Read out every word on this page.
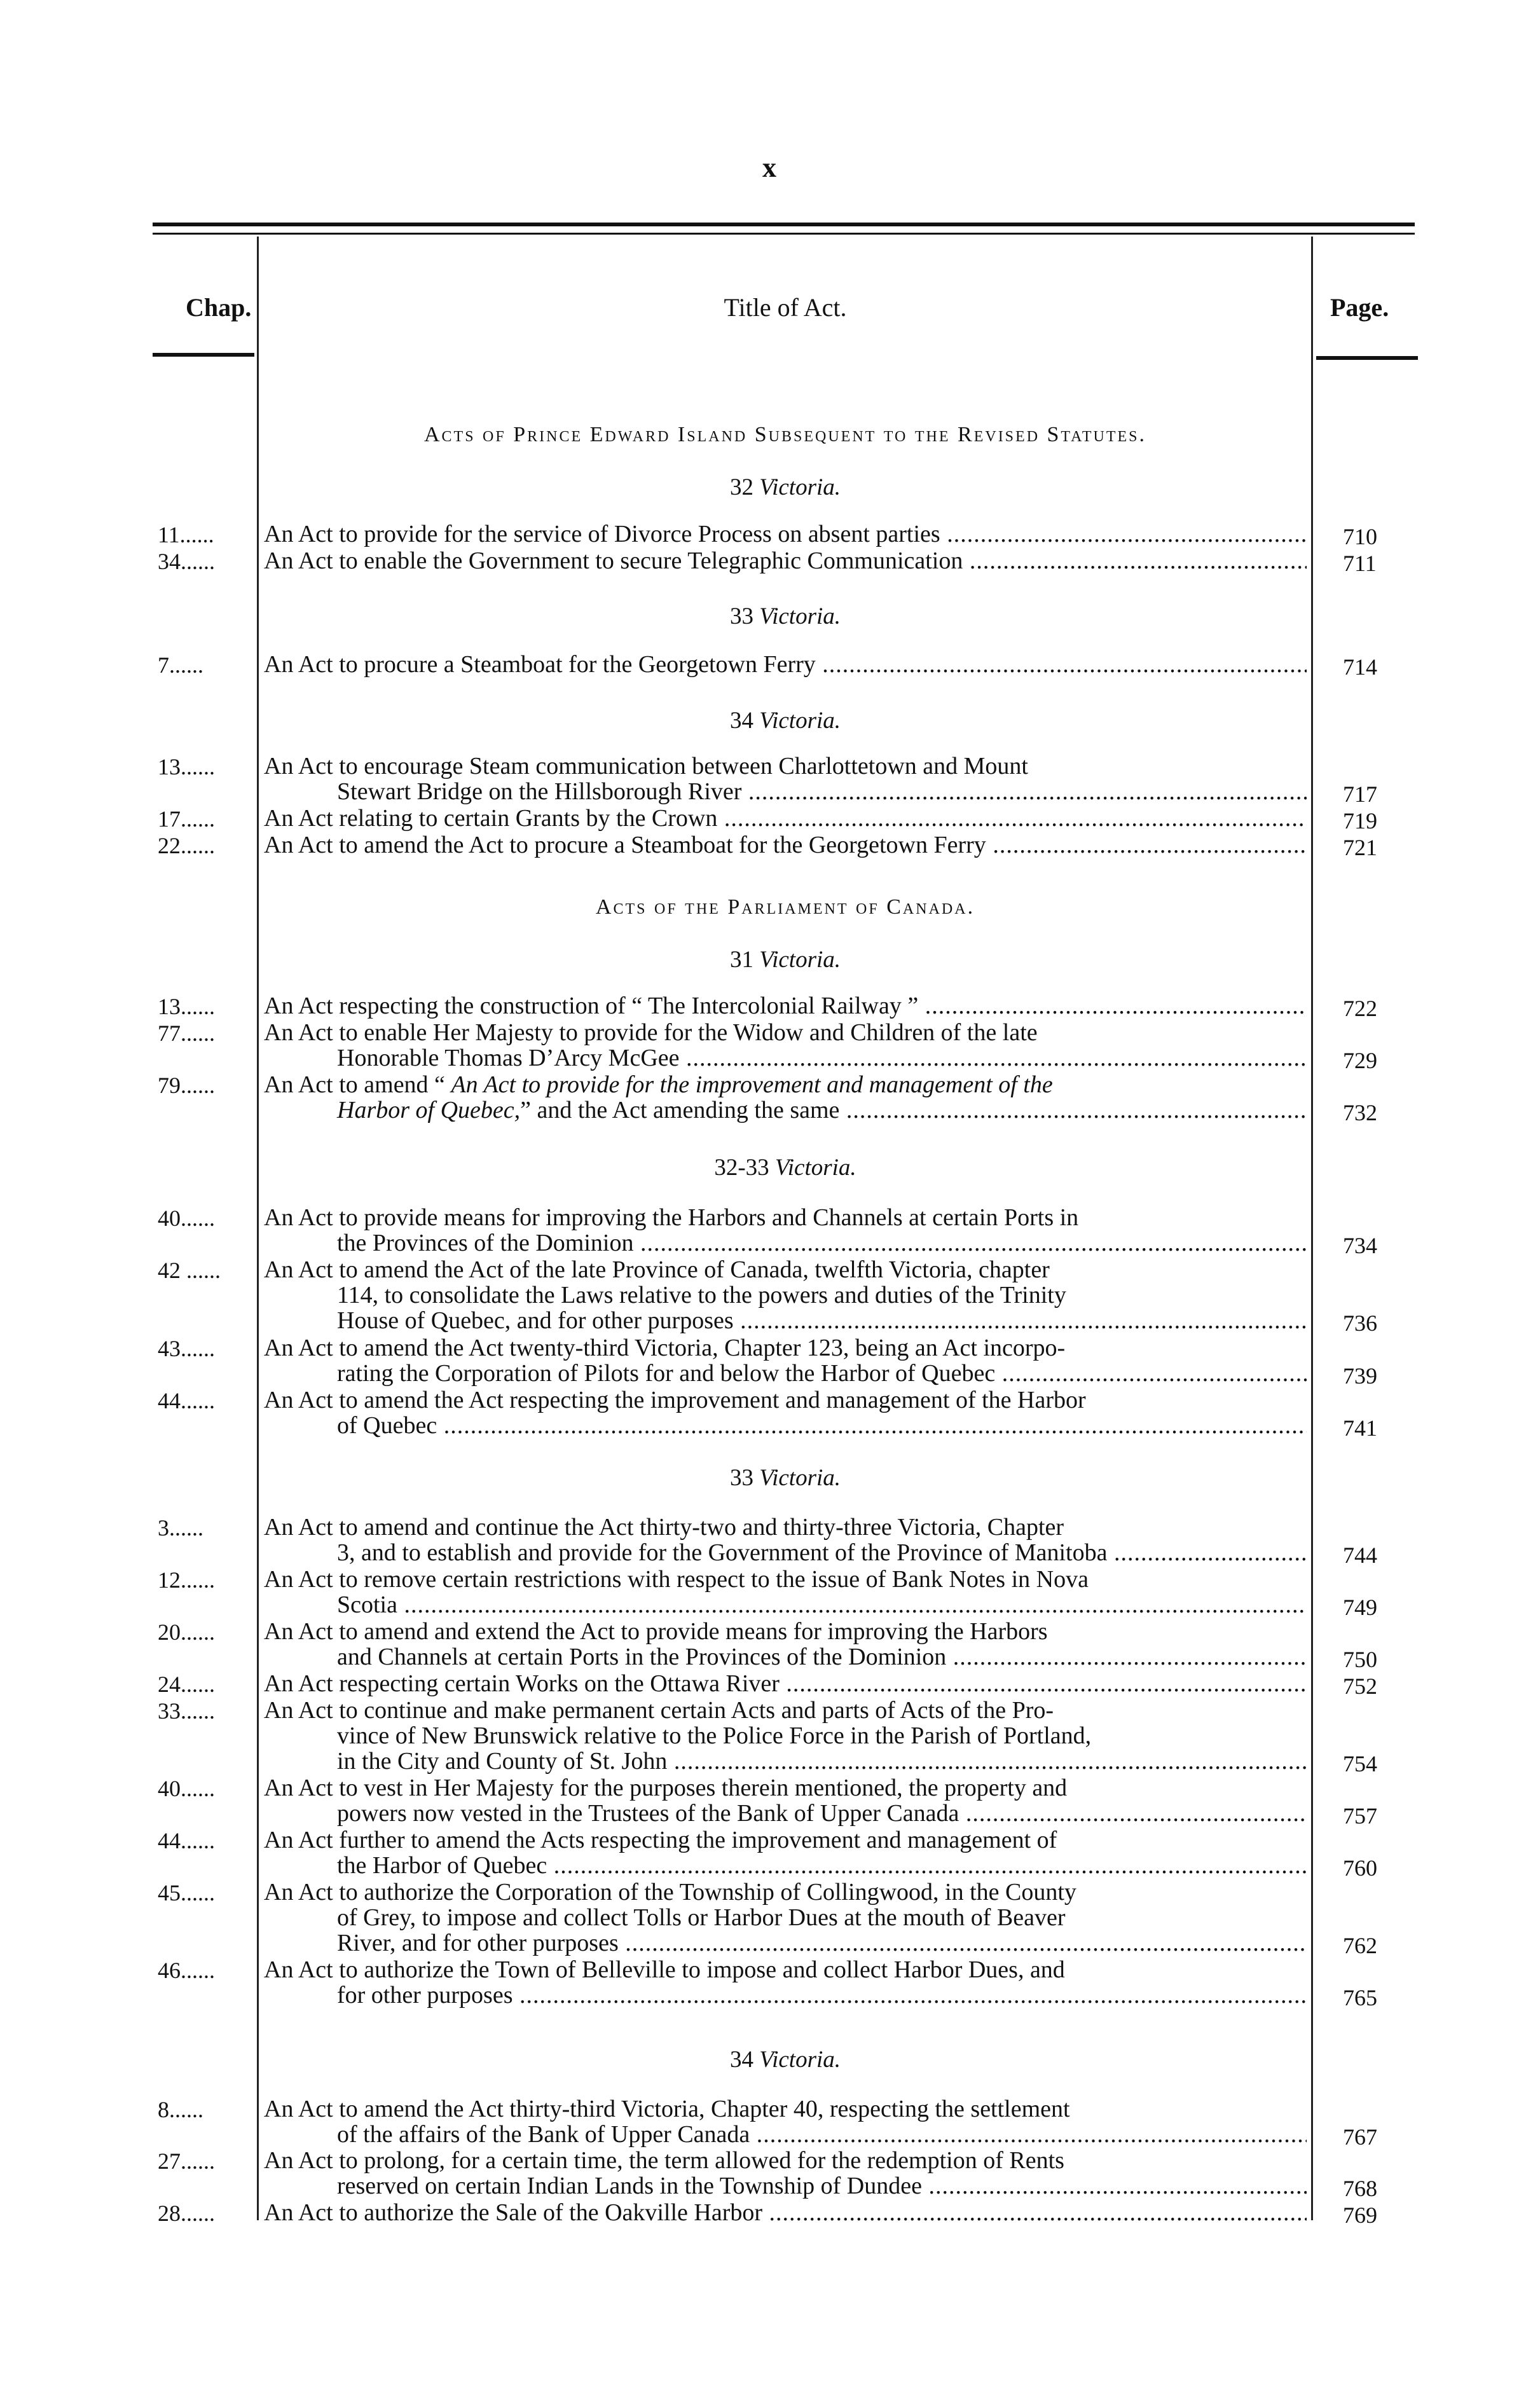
x
Chap.	Title of Act.	Page.
Acts of Prince Edward Island Subsequent to the Revised Statutes.
Acts of the Parliament of Canada.
32 Victoria.
33 Victoria.
34 Victoria.
31 Victoria.
32-33 Victoria.
33 Victoria.
34 Victoria.
11......	An Act to provide for the service of Divorce Process on absent parties .....	710
34......	An Act to enable the Government to secure Telegraphic Communication .....	711
7......	An Act to procure a Steamboat for the Georgetown Ferry .....	714
13......	An Act to encourage Steam communication between Charlottetown and Mount
Stewart Bridge on the Hillsborough River .....	717
17......	An Act relating to certain Grants by the Crown .....	719
22......	An Act to amend the Act to procure a Steamboat for the Georgetown Ferry .....	721
13......	An Act respecting the construction of “ The Intercolonial Railway ” .....	722
77......	An Act to enable Her Majesty to provide for the Widow and Children of the late
Honorable Thomas D’Arcy McGee .....	729
79......	An Act to amend “ An Act to provide for the improvement and management of the
Harbor of Quebec,” and the Act amending the same .....	732
40......	An Act to provide means for improving the Harbors and Channels at certain Ports in
the Provinces of the Dominion .....	734
42 ......	An Act to amend the Act of the late Province of Canada, twelfth Victoria, chapter
114, to consolidate the Laws relative to the powers and duties of the Trinity
House of Quebec, and for other purposes .....	736
43......	An Act to amend the Act twenty-third Victoria, Chapter 123, being an Act incorpo-
rating the Corporation of Pilots for and below the Harbor of Quebec .....	739
44......	An Act to amend the Act respecting the improvement and management of the Harbor
of Quebec .....	741
3......	An Act to amend and continue the Act thirty-two and thirty-three Victoria, Chapter
3, and to establish and provide for the Government of the Province of Manitoba .....	744
12......	An Act to remove certain restrictions with respect to the issue of Bank Notes in Nova
Scotia .....	749
20......	An Act to amend and extend the Act to provide means for improving the Harbors
and Channels at certain Ports in the Provinces of the Dominion .....	750
24......	An Act respecting certain Works on the Ottawa River .....	752
33......	An Act to continue and make permanent certain Acts and parts of Acts of the Pro-
vince of New Brunswick relative to the Police Force in the Parish of Portland,
in the City and County of St. John .....	754
40......	An Act to vest in Her Majesty for the purposes therein mentioned, the property and
powers now vested in the Trustees of the Bank of Upper Canada .....	757
44......	An Act further to amend the Acts respecting the improvement and management of
the Harbor of Quebec .....	760
45......	An Act to authorize the Corporation of the Township of Collingwood, in the County
of Grey, to impose and collect Tolls or Harbor Dues at the mouth of Beaver
River, and for other purposes .....	762
46......	An Act to authorize the Town of Belleville to impose and collect Harbor Dues, and
for other purposes .....	765
8......	An Act to amend the Act thirty-third Victoria, Chapter 40, respecting the settlement
of the affairs of the Bank of Upper Canada .....	767
27......	An Act to prolong, for a certain time, the term allowed for the redemption of Rents
reserved on certain Indian Lands in the Township of Dundee .....	768
28......	An Act to authorize the Sale of the Oakville Harbor .....	769
